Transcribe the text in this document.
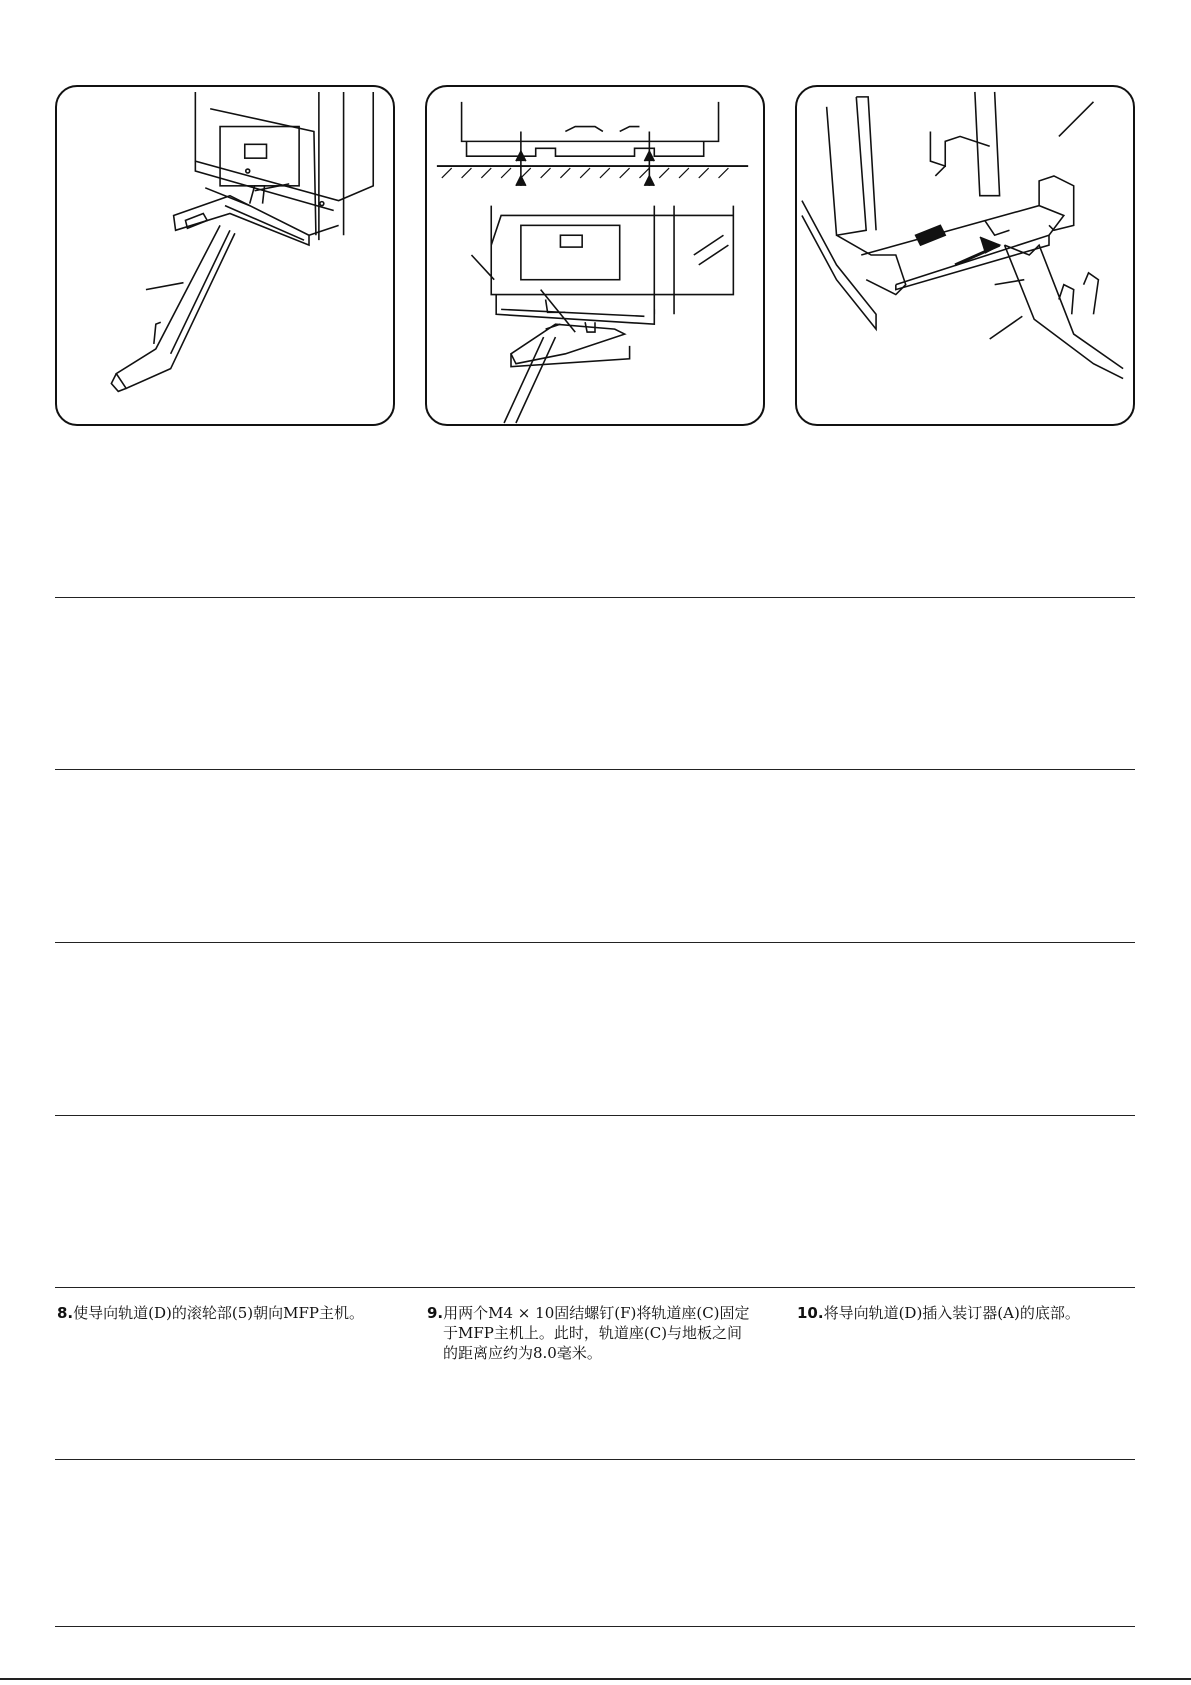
8.使导向轨道(D)的滚轮部(5)朝向MFP主机。	9.用两个M4 × 10固结螺钉(F)将轨道座(C)固定
于MFP主机上。此时，轨道座(C)与地板之间
的距离应约为8.0毫米。
10.将导向轨道(D)插入装订器(A)的底部。
